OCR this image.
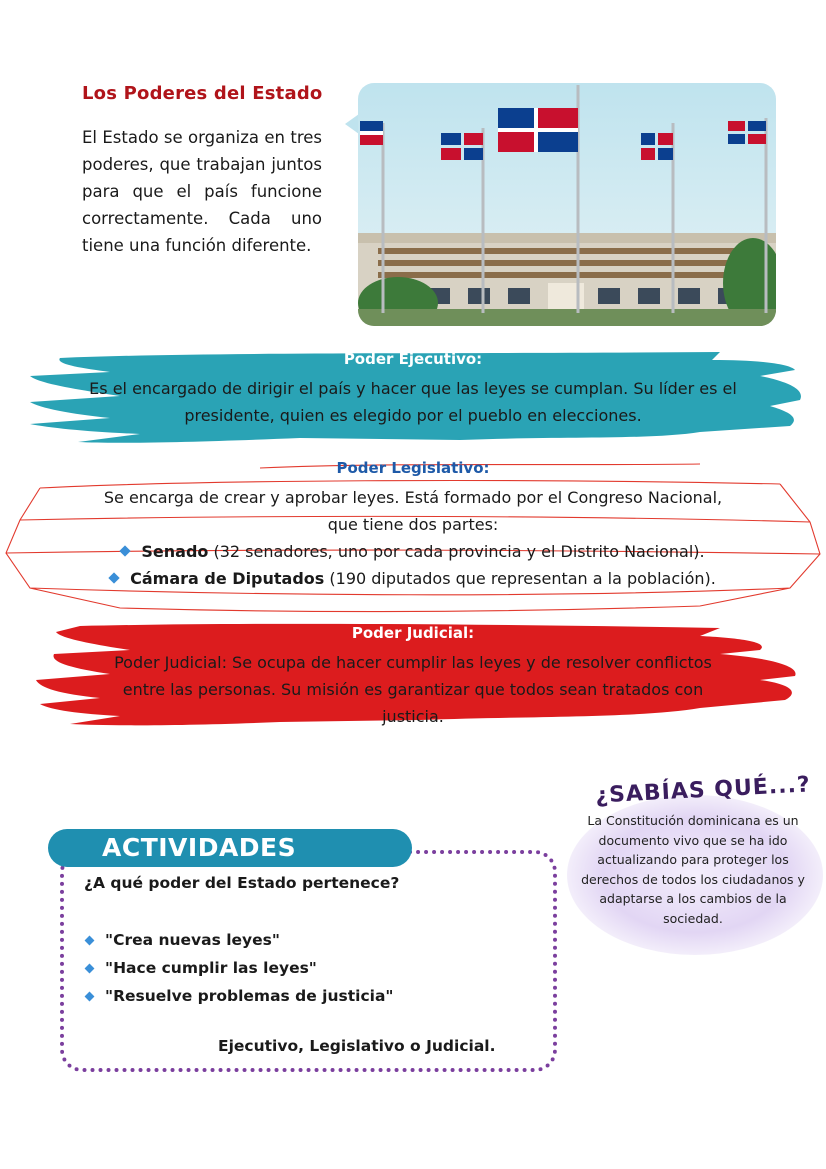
Los Poderes del Estado
El Estado se organiza en tres poderes, que trabajan juntos para que el país funcione correctamente. Cada uno tiene una función diferente.
Poder Ejecutivo:
Es el encargado de dirigir el país y hacer que las leyes se cumplan. Su líder es el presidente, quien es elegido por el pueblo en elecciones.
Poder Legislativo:
Se encarga de crear y aprobar leyes. Está formado por el Congreso Nacional,
que tiene dos partes:
Senado (32 senadores, uno por cada provincia y el Distrito Nacional).
Cámara de Diputados (190 diputados que representan a la población).
Poder Judicial:
Poder Judicial: Se ocupa de hacer cumplir las leyes y de resolver conflictos entre las personas. Su misión es garantizar que todos sean tratados con justicia.
¿SABÍAS QUÉ...?
La Constitución dominicana es un documento vivo que se ha ido actualizando para proteger los derechos de todos los ciudadanos y adaptarse a los cambios de la sociedad.
ACTIVIDADES
¿A qué poder del Estado pertenece?
"Crea nuevas leyes"
"Hace cumplir las leyes"
"Resuelve problemas de justicia"
Ejecutivo, Legislativo o Judicial.
